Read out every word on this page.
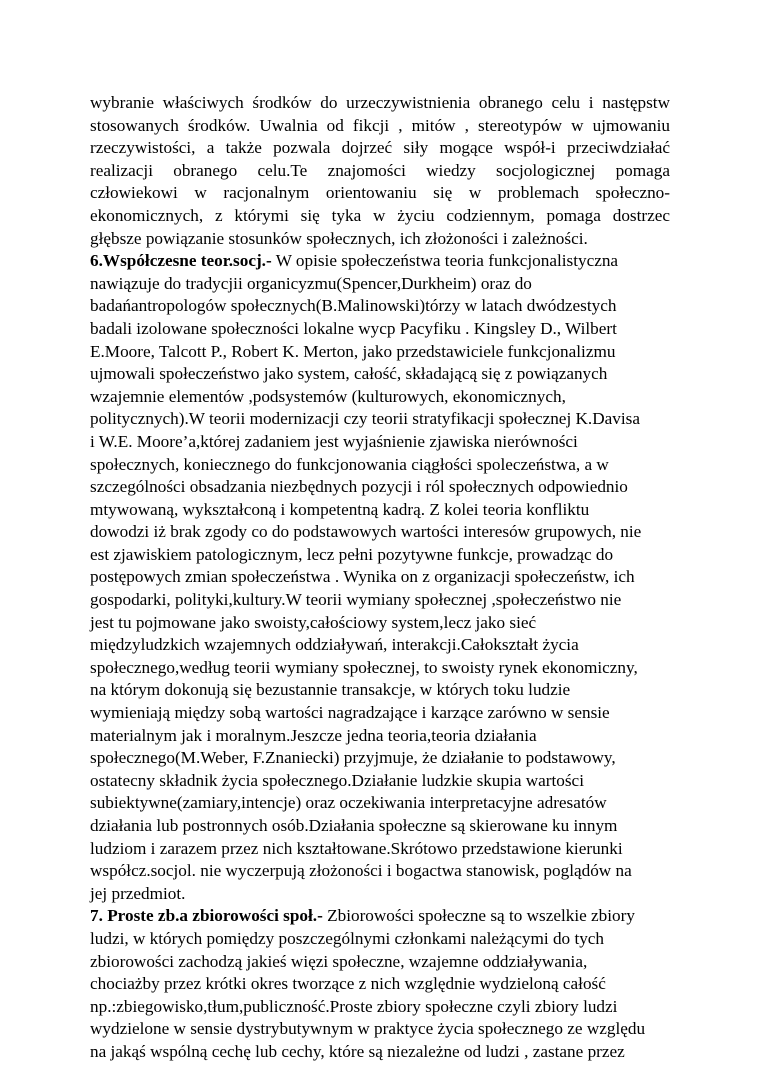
wybranie właściwych środków do urzeczywistnienia obranego celu i następstw
stosowanych środków. Uwalnia od fikcji , mitów , stereotypów w ujmowaniu
rzeczywistości, a także pozwala dojrzeć siły mogące współ-i przeciwdziałać
realizacji obranego celu.Te znajomości wiedzy socjologicznej pomaga
człowiekowi w racjonalnym orientowaniu się w problemach społeczno-
ekonomicznych, z którymi się tyka w życiu codziennym, pomaga dostrzec
głębsze powiązanie stosunków społecznych, ich złożoności i zależności.
6.Współczesne teor.socj.- W opisie społeczeństwa teoria funkcjonalistyczna
nawiązuje do tradycjii organicyzmu(Spencer,Durkheim) oraz do
badańantropologów społecznych(B.Malinowski)tórzy w latach dwódzestych
badali izolowane społeczności lokalne wycp Pacyfiku . Kingsley D., Wilbert
E.Moore, Talcott P., Robert K. Merton, jako przedstawiciele funkcjonalizmu
ujmowali społeczeństwo jako system, całość, składającą się z powiązanych
wzajemnie elementów ,podsystemów (kulturowych, ekonomicznych,
politycznych).W teorii modernizacji czy teorii stratyfikacji społecznej K.Davisa
i W.E. Moore’a,której zadaniem jest wyjaśnienie zjawiska nierówności
społecznych, koniecznego do funkcjonowania ciągłości spoleczeństwa, a w
szczególności obsadzania niezbędnych pozycji i ról społecznych odpowiednio
mtywowaną, wykształconą i kompetentną kadrą. Z kolei teoria konfliktu
dowodzi iż brak zgody co do podstawowych wartości interesów grupowych, nie
est zjawiskiem patologicznym, lecz pełni pozytywne funkcje, prowadząc do
postępowych zmian społeczeństwa . Wynika on z organizacji społeczeństw, ich
gospodarki, polityki,kultury.W teorii wymiany społecznej ,społeczeństwo nie
jest tu pojmowane jako swoisty,całościowy system,lecz jako sieć
międzyludzkich wzajemnych oddziaływań, interakcji.Całokształt życia
społecznego,według teorii wymiany społecznej, to swoisty rynek ekonomiczny,
na którym dokonują się bezustannie transakcje, w których toku ludzie
wymieniają między sobą wartości nagradzające i karzące zarówno w sensie
materialnym jak i moralnym.Jeszcze jedna teoria,teoria działania
społecznego(M.Weber, F.Znaniecki) przyjmuje, że działanie to podstawowy,
ostatecny składnik życia społecznego.Działanie ludzkie skupia wartości
subiektywne(zamiary,intencje) oraz oczekiwania interpretacyjne adresatów
działania lub postronnych osób.Działania społeczne są skierowane ku innym
ludziom i zarazem przez nich kształtowane.Skrótowo przedstawione kierunki
współcz.socjol. nie wyczerpują złożoności i bogactwa stanowisk, poglądów na
jej przedmiot.
7. Proste zb.a zbiorowości społ.- Zbiorowości społeczne są to wszelkie zbiory
ludzi, w których pomiędzy poszczególnymi członkami należącymi do tych
zbiorowości zachodzą jakieś więzi społeczne, wzajemne oddziaływania,
chociażby przez krótki okres tworzące z nich względnie wydzieloną całość
np.:zbiegowisko,tłum,publiczność.Proste zbiory społeczne czyli zbiory ludzi
wydzielone w sensie dystrybutywnym w praktyce życia społecznego ze względu
na jakąś wspólną cechę lub cechy, które są niezależne od ludzi , zastane przez
